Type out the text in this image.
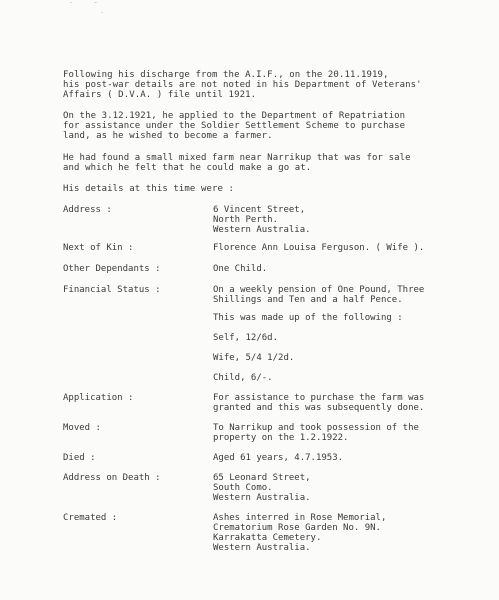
Following his discharge from the A.I.F., on the 20.11.1919,
his post-war details are not noted in his Department of Veterans'
Affairs ( D.V.A. ) file until 1921.
On the 3.12.1921, he applied to the Department of Repatriation
for assistance under the Soldier Settlement Scheme to purchase
land, as he wished to become a farmer.
He had found a small mixed farm near Narrikup that was for sale
and which he felt that he could make a go at.
His details at this time were :
Address :	6 Vincent Street,
North Perth.
Western Australia.
Next of Kin :	Florence Ann Louisa Ferguson. ( Wife ).
Other Dependants :	One Child.
Financial Status :	On a weekly pension of One Pound, Three
Shillings and Ten and a half Pence.
This was made up of the following :
Self, 12/6d.
Wife, 5/4 1/2d.
Child, 6/-.
Application :	For assistance to purchase the farm was
granted and this was subsequently done.
Moved :	To Narrikup and took possession of the
property on the 1.2.1922.
Died :	Aged 61 years, 4.7.1953.
Address on Death :	65 Leonard Street,
South Como.
Western Australia.
Cremated :	Ashes interred in Rose Memorial,
Crematorium Rose Garden No. 9N.
Karrakatta Cemetery.
Western Australia.
